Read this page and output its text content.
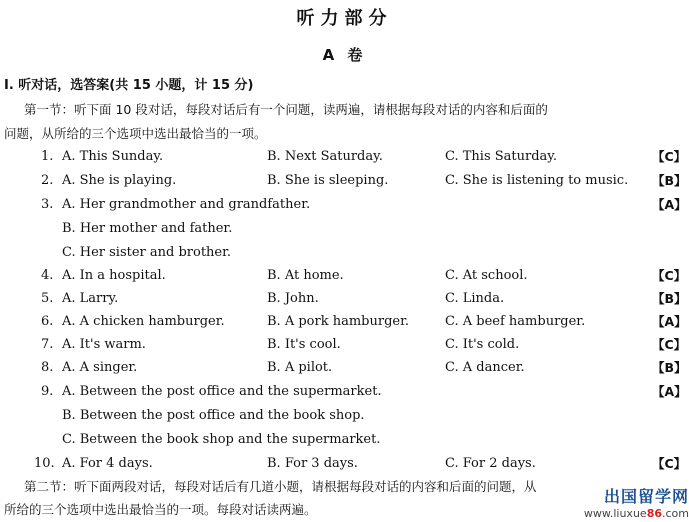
听力部分
A 卷
Ⅰ. 听对话，选答案(共 15 小题，计 15 分)
第一节：听下面 10 段对话，每段对话后有一个问题，读两遍，请根据每段对话的内容和后面的
问题，从所给的三个选项中选出最恰当的一项。
1. A. This Sunday.	B. Next Saturday.	C. This Saturday.	【C】
2. A. She is playing.	B. She is sleeping.	C. She is listening to music. 【B】
3. A. Her grandmother and grandfather.	【A】
B. Her mother and father.
C. Her sister and brother.
4. A. In a hospital.	B. At home.	C. At school.	【C】
5. A. Larry.	B. John.	C. Linda.	【B】
6. A. A chicken hamburger.	B. A pork hamburger.	C. A beef hamburger.	【A】
7. A. It's warm.	B. It's cool.	C. It's cold.	【C】
8. A. A singer.	B. A pilot.	C. A dancer.	【B】
9. A. Between the post office and the supermarket.	【A】
B. Between the post office and the book shop.
C. Between the book shop and the supermarket.
10. A. For 4 days.	B. For 3 days.	C. For 2 days.	【C】
第二节：听下面两段对话，每段对话后有几道小题，请根据每段对话的内容和后面的问题，从
所给的三个选项中选出最恰当的一项。每段对话读两遍。
出国留学网
www.liuxue86.com
